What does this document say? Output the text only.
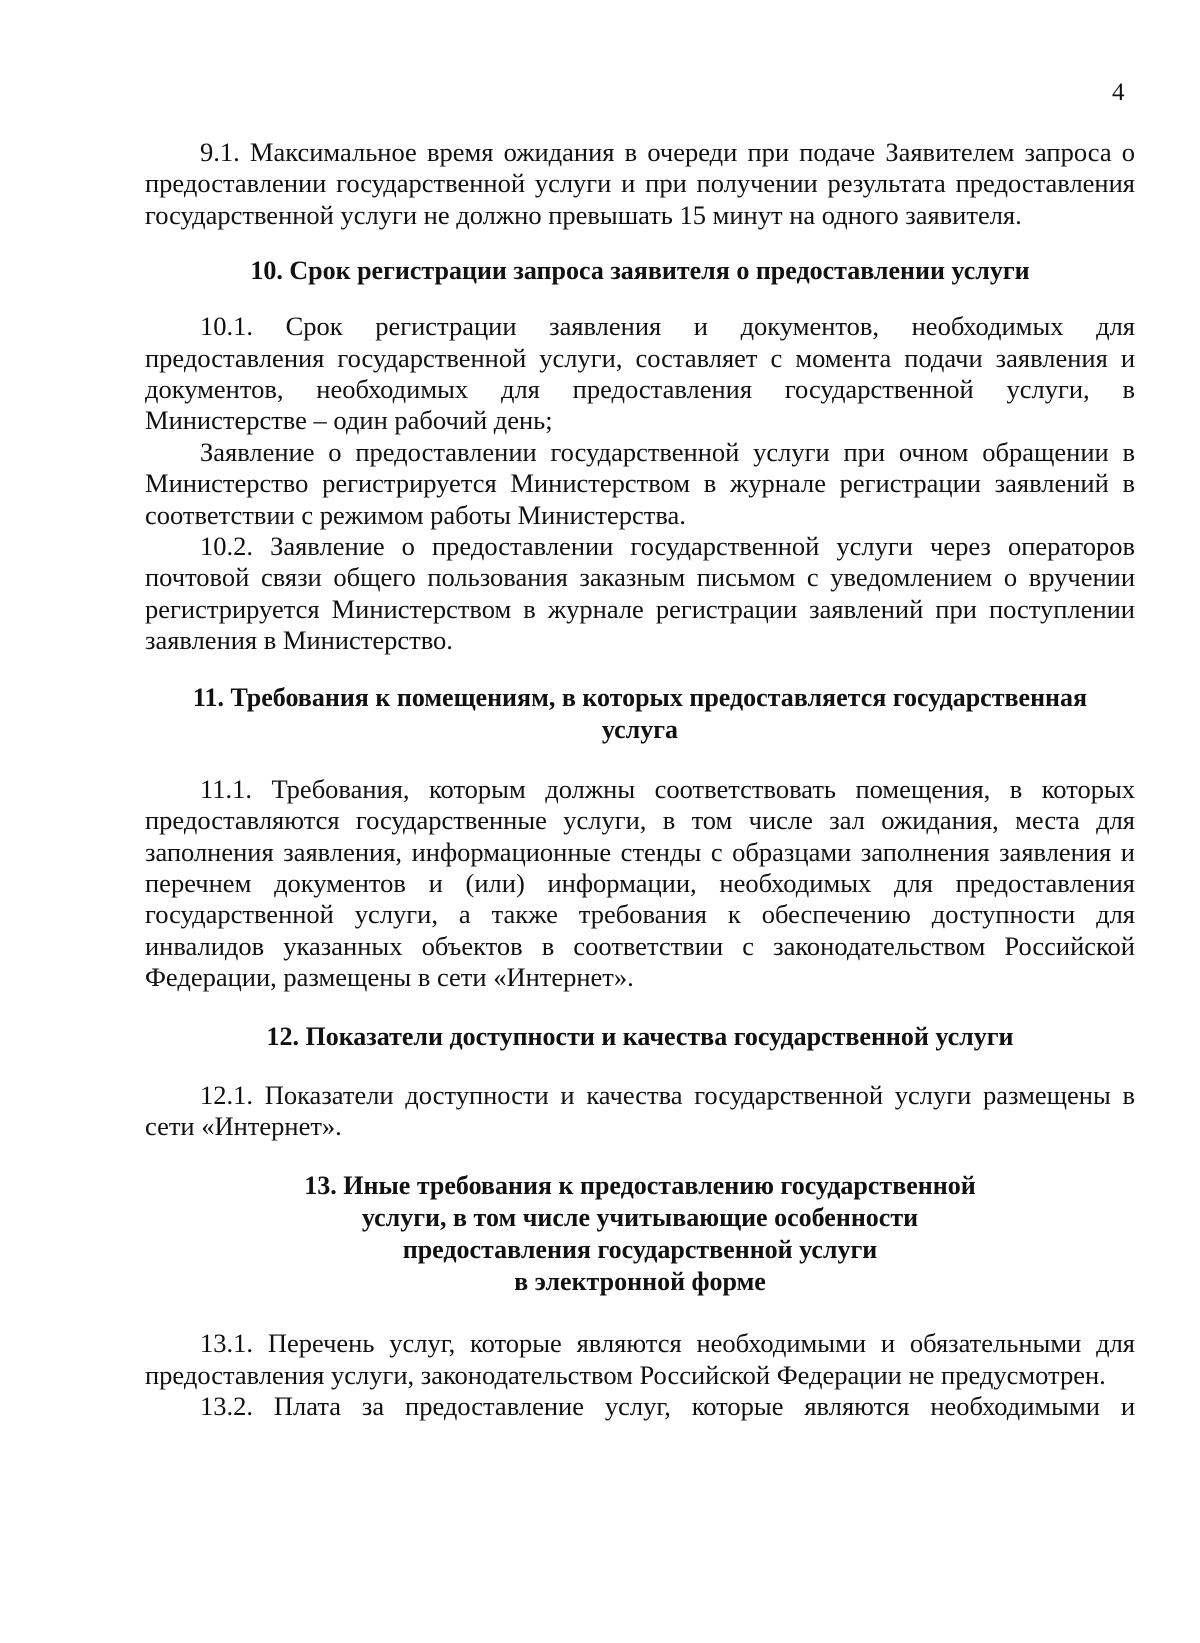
4

9.1. Максимальное время ожидания в очереди при подаче Заявителем запроса о предоставлении государственной услуги и при получении результата предоставления государственной услуги не должно превышать 15 минут на одного заявителя.

10. Срок регистрации запроса заявителя о предоставлении услуги

10.1. Срок регистрации заявления и документов, необходимых для предоставления государственной услуги, составляет с момента подачи заявления и документов, необходимых для предоставления государственной услуги, в Министерстве – один рабочий день;

Заявление о предоставлении государственной услуги при очном обращении в Министерство регистрируется Министерством в журнале регистрации заявлений в соответствии с режимом работы Министерства.

10.2. Заявление о предоставлении государственной услуги через операторов почтовой связи общего пользования заказным письмом с уведомлением о вручении регистрируется Министерством в журнале регистрации заявлений при поступлении заявления в Министерство.

11. Требования к помещениям, в которых предоставляется государственная
услуга

11.1. Требования, которым должны соответствовать помещения, в которых предоставляются государственные услуги, в том числе зал ожидания, места для заполнения заявления, информационные стенды с образцами заполнения заявления и перечнем документов и (или) информации, необходимых для предоставления государственной услуги, а также требования к обеспечению доступности для инвалидов указанных объектов в соответствии с законодательством Российской Федерации, размещены в сети «Интернет».

12. Показатели доступности и качества государственной услуги

12.1. Показатели доступности и качества государственной услуги размещены в сети «Интернет».

13. Иные требования к предоставлению государственной
услуги, в том числе учитывающие особенности
предоставления государственной услуги
в электронной форме

13.1. Перечень услуг, которые являются необходимыми и обязательными для предоставления услуги, законодательством Российской Федерации не предусмотрен.

13.2. Плата за предоставление услуг, которые являются необходимыми и
